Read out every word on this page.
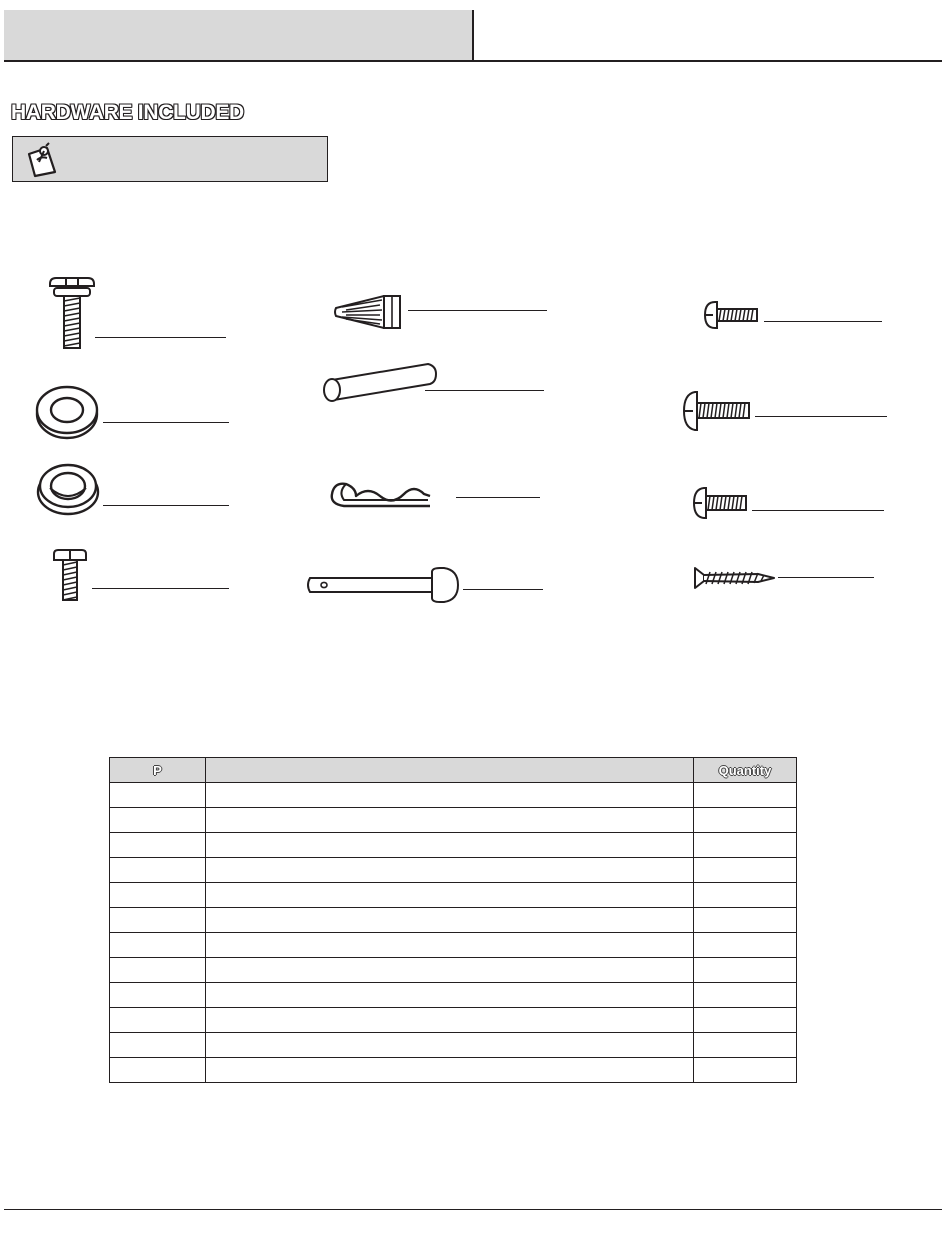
HARDWARE INCLUDED
P		Quantity
